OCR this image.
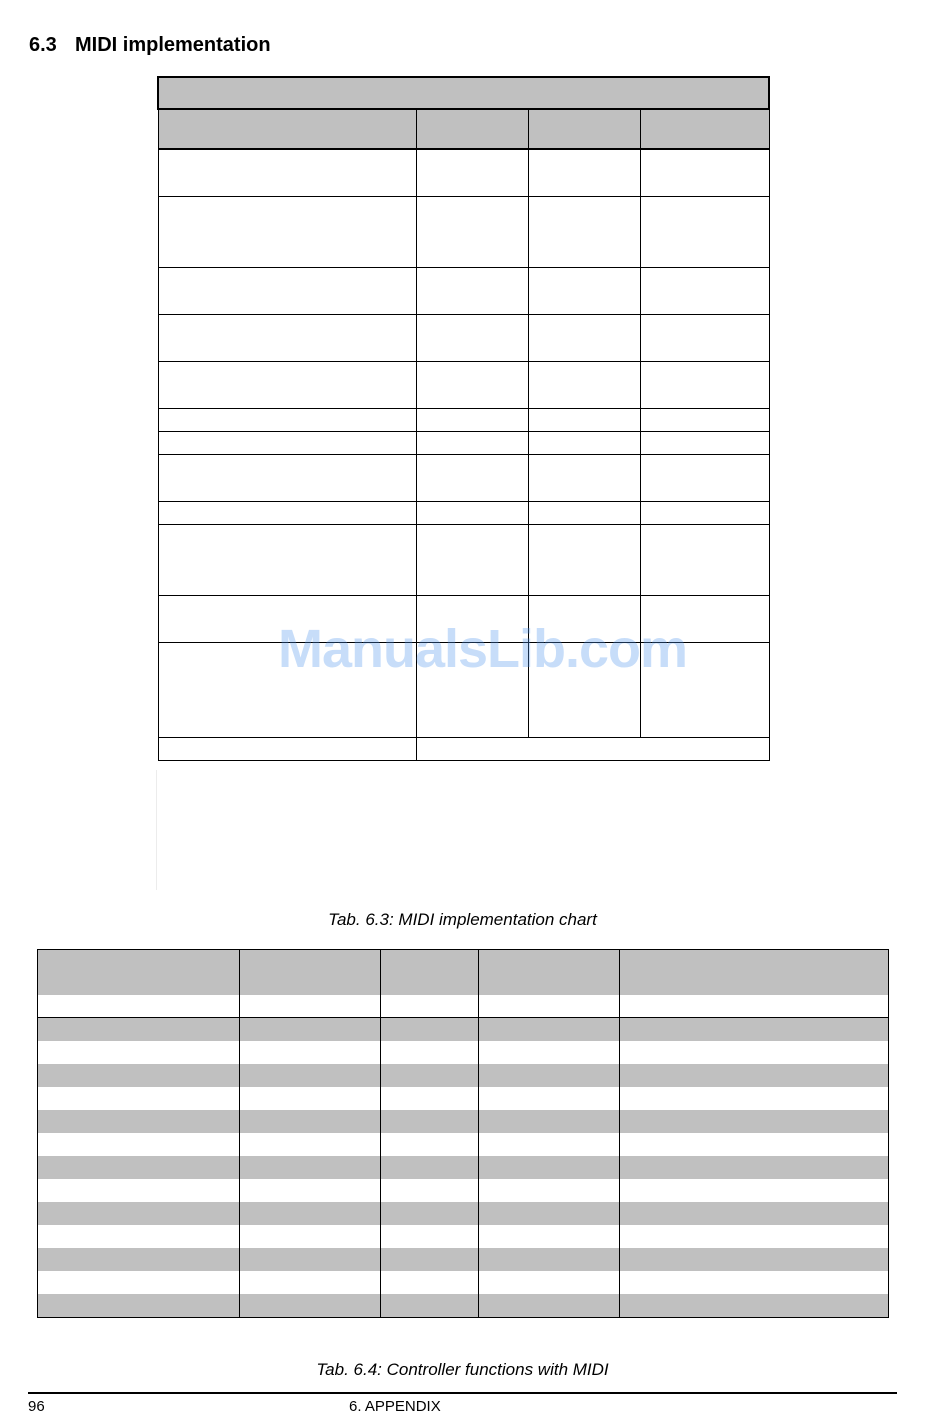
6.3 MIDI implementation

ManualsLib.com
Tab. 6.3: MIDI implementation chart

Tab. 6.4: Controller functions with MIDI
96	6. APPENDIX
